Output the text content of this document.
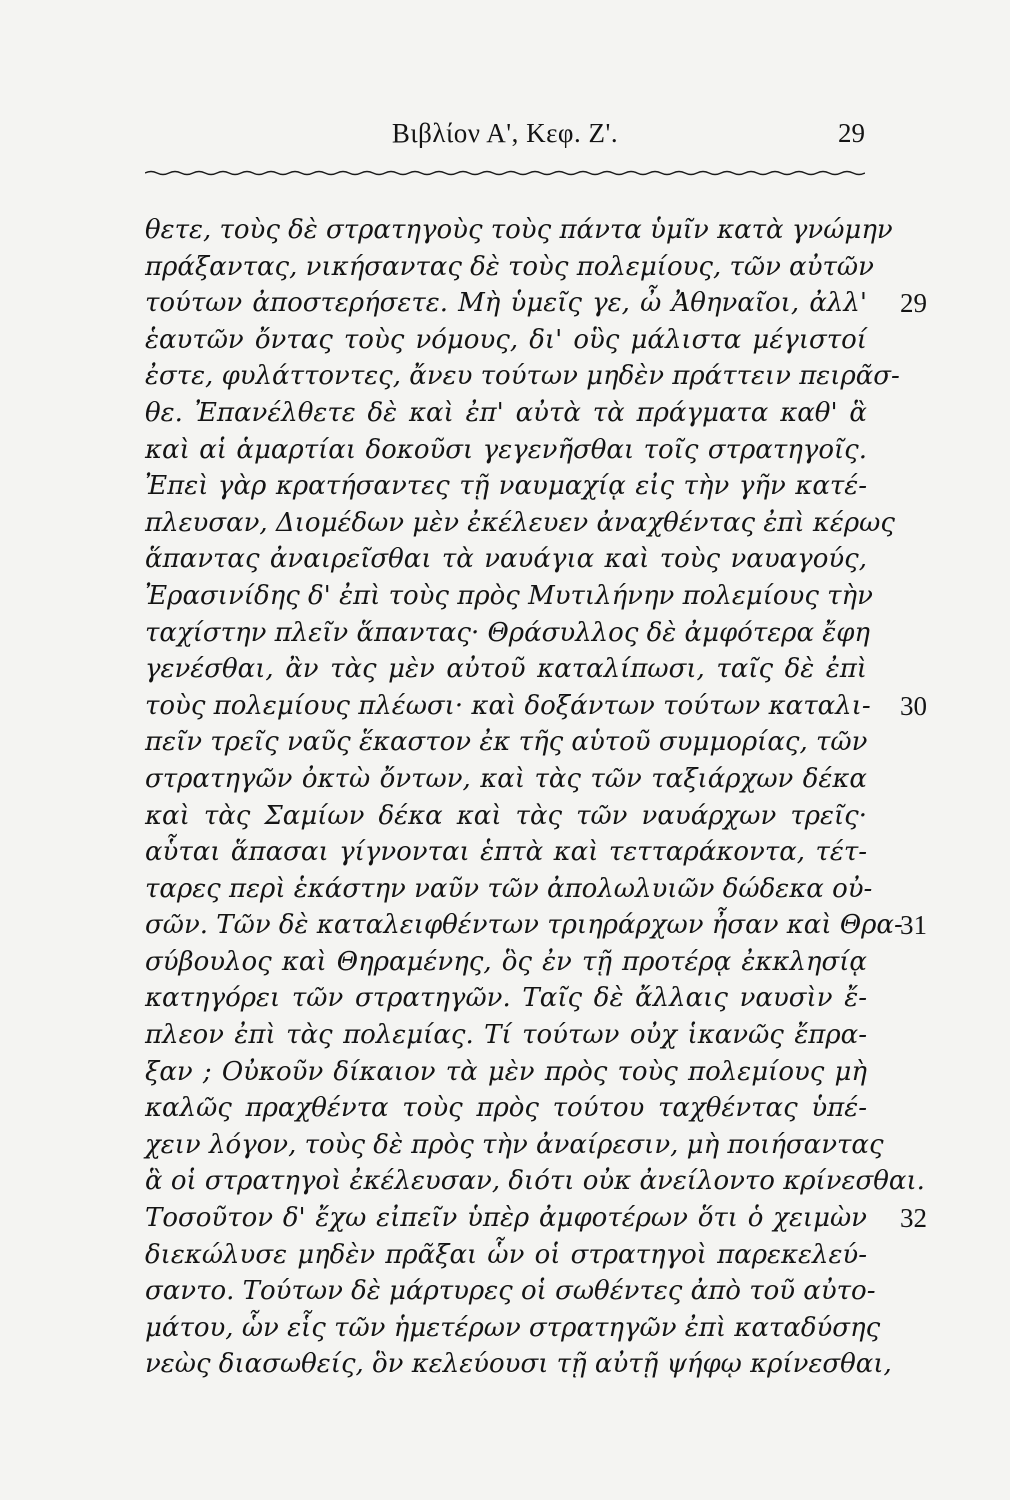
Βιβλίον Α', Κεφ. Ζ'.	29
θετε, τοὺς δὲ στρατηγοὺς τοὺς πάντα ὑμῖν κατὰ γνώμην
πράξαντας, νικήσαντας δὲ τοὺς πολεμίους, τῶν αὐτῶν
τούτων ἀποστερήσετε. Μὴ ὑμεῖς γε, ὦ Ἀθηναῖοι, ἀλλ' 29
ἑαυτῶν ὄντας τοὺς νόμους, δι' οὓς μάλιστα μέγιστοί
ἐστε, φυλάττοντες, ἄνευ τούτων μηδὲν πράττειν πειρᾶσ-
θε. Ἐπανέλθετε δὲ καὶ ἐπ' αὐτὰ τὰ πράγματα καθ' ἃ
καὶ αἱ ἁμαρτίαι δοκοῦσι γεγενῆσθαι τοῖς στρατηγοῖς.
Ἐπεὶ γὰρ κρατήσαντες τῇ ναυμαχίᾳ εἰς τὴν γῆν κατέ-
πλευσαν, Διομέδων μὲν ἐκέλευεν ἀναχθέντας ἐπὶ κέρως
ἅπαντας ἀναιρεῖσθαι τὰ ναυάγια καὶ τοὺς ναυαγούς,
Ἐρασινίδης δ' ἐπὶ τοὺς πρὸς Μυτιλήνην πολεμίους τὴν
ταχίστην πλεῖν ἅπαντας· Θράσυλλος δὲ ἀμφότερα ἔφη
γενέσθαι, ἂν τὰς μὲν αὐτοῦ καταλίπωσι, ταῖς δὲ ἐπὶ
τοὺς πολεμίους πλέωσι· καὶ δοξάντων τούτων καταλι- 30
πεῖν τρεῖς ναῦς ἕκαστον ἐκ τῆς αὑτοῦ συμμορίας, τῶν
στρατηγῶν ὀκτὼ ὄντων, καὶ τὰς τῶν ταξιάρχων δέκα
καὶ τὰς Σαμίων δέκα καὶ τὰς τῶν ναυάρχων τρεῖς·
αὗται ἅπασαι γίγνονται ἑπτὰ καὶ τετταράκοντα, τέτ-
ταρες περὶ ἑκάστην ναῦν τῶν ἀπολωλυιῶν δώδεκα οὐ-
σῶν. Τῶν δὲ καταλειφθέντων τριηράρχων ἦσαν καὶ Θρα-
31
σύβουλος καὶ Θηραμένης, ὃς ἐν τῇ προτέρᾳ ἐκκλησίᾳ
κατηγόρει τῶν στρατηγῶν. Ταῖς δὲ ἄλλαις ναυσὶν ἔ-
πλεον ἐπὶ τὰς πολεμίας. Τί τούτων οὐχ ἱκανῶς ἔπρα-
ξαν ; Οὐκοῦν δίκαιον τὰ μὲν πρὸς τοὺς πολεμίους μὴ
καλῶς πραχθέντα τοὺς πρὸς τούτου ταχθέντας ὑπέ-
χειν λόγον, τοὺς δὲ πρὸς τὴν ἀναίρεσιν, μὴ ποιήσαντας
ἃ οἱ στρατηγοὶ ἐκέλευσαν, διότι οὐκ ἀνείλοντο κρίνεσθαι.
Τοσοῦτον δ' ἔχω εἰπεῖν ὑπὲρ ἀμφοτέρων ὅτι ὁ χειμὼν 32
διεκώλυσε μηδὲν πρᾶξαι ὧν οἱ στρατηγοὶ παρεκελεύ-
σαντο. Τούτων δὲ μάρτυρες οἱ σωθέντες ἀπὸ τοῦ αὐτο-
μάτου, ὧν εἷς τῶν ἡμετέρων στρατηγῶν ἐπὶ καταδύσης
νεὼς διασωθείς, ὃν κελεύουσι τῇ αὐτῇ ψήφῳ κρίνεσθαι,
